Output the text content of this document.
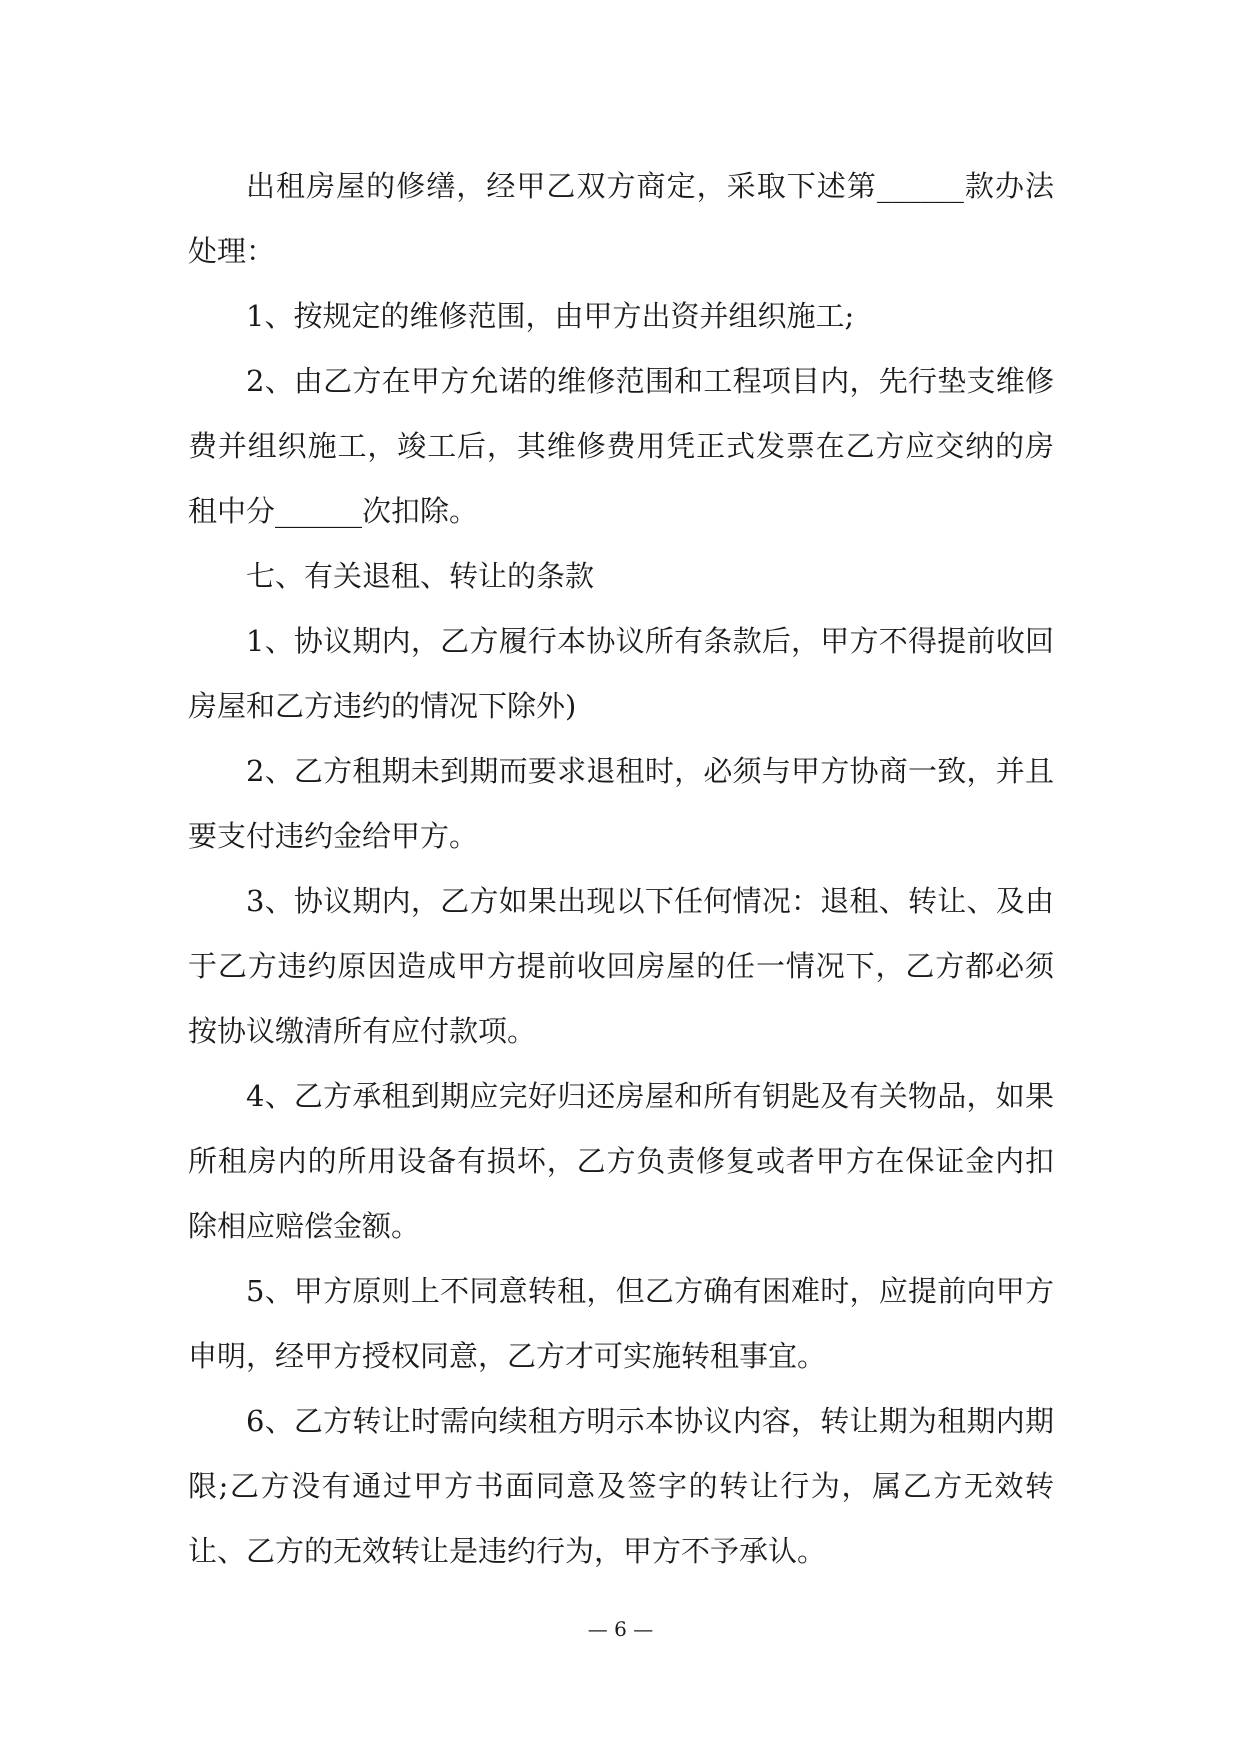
出租房屋的修缮，经甲乙双方商定，采取下述第______款办法处理：

1、按规定的维修范围，由甲方出资并组织施工;

2、由乙方在甲方允诺的维修范围和工程项目内，先行垫支维修费并组织施工，竣工后，其维修费用凭正式发票在乙方应交纳的房租中分______次扣除。

七、有关退租、转让的条款

1、协议期内，乙方履行本协议所有条款后，甲方不得提前收回房屋和乙方违约的情况下除外)

2、乙方租期未到期而要求退租时，必须与甲方协商一致，并且要支付违约金给甲方。

3、协议期内，乙方如果出现以下任何情况：退租、转让、及由于乙方违约原因造成甲方提前收回房屋的任一情况下，乙方都必须按协议缴清所有应付款项。

4、乙方承租到期应完好归还房屋和所有钥匙及有关物品，如果所租房内的所用设备有损坏，乙方负责修复或者甲方在保证金内扣除相应赔偿金额。

5、甲方原则上不同意转租，但乙方确有困难时，应提前向甲方申明，经甲方授权同意，乙方才可实施转租事宜。

6、乙方转让时需向续租方明示本协议内容，转让期为租期内期限;乙方没有通过甲方书面同意及签字的转让行为，属乙方无效转让、乙方的无效转让是违约行为，甲方不予承认。

— 6 —
